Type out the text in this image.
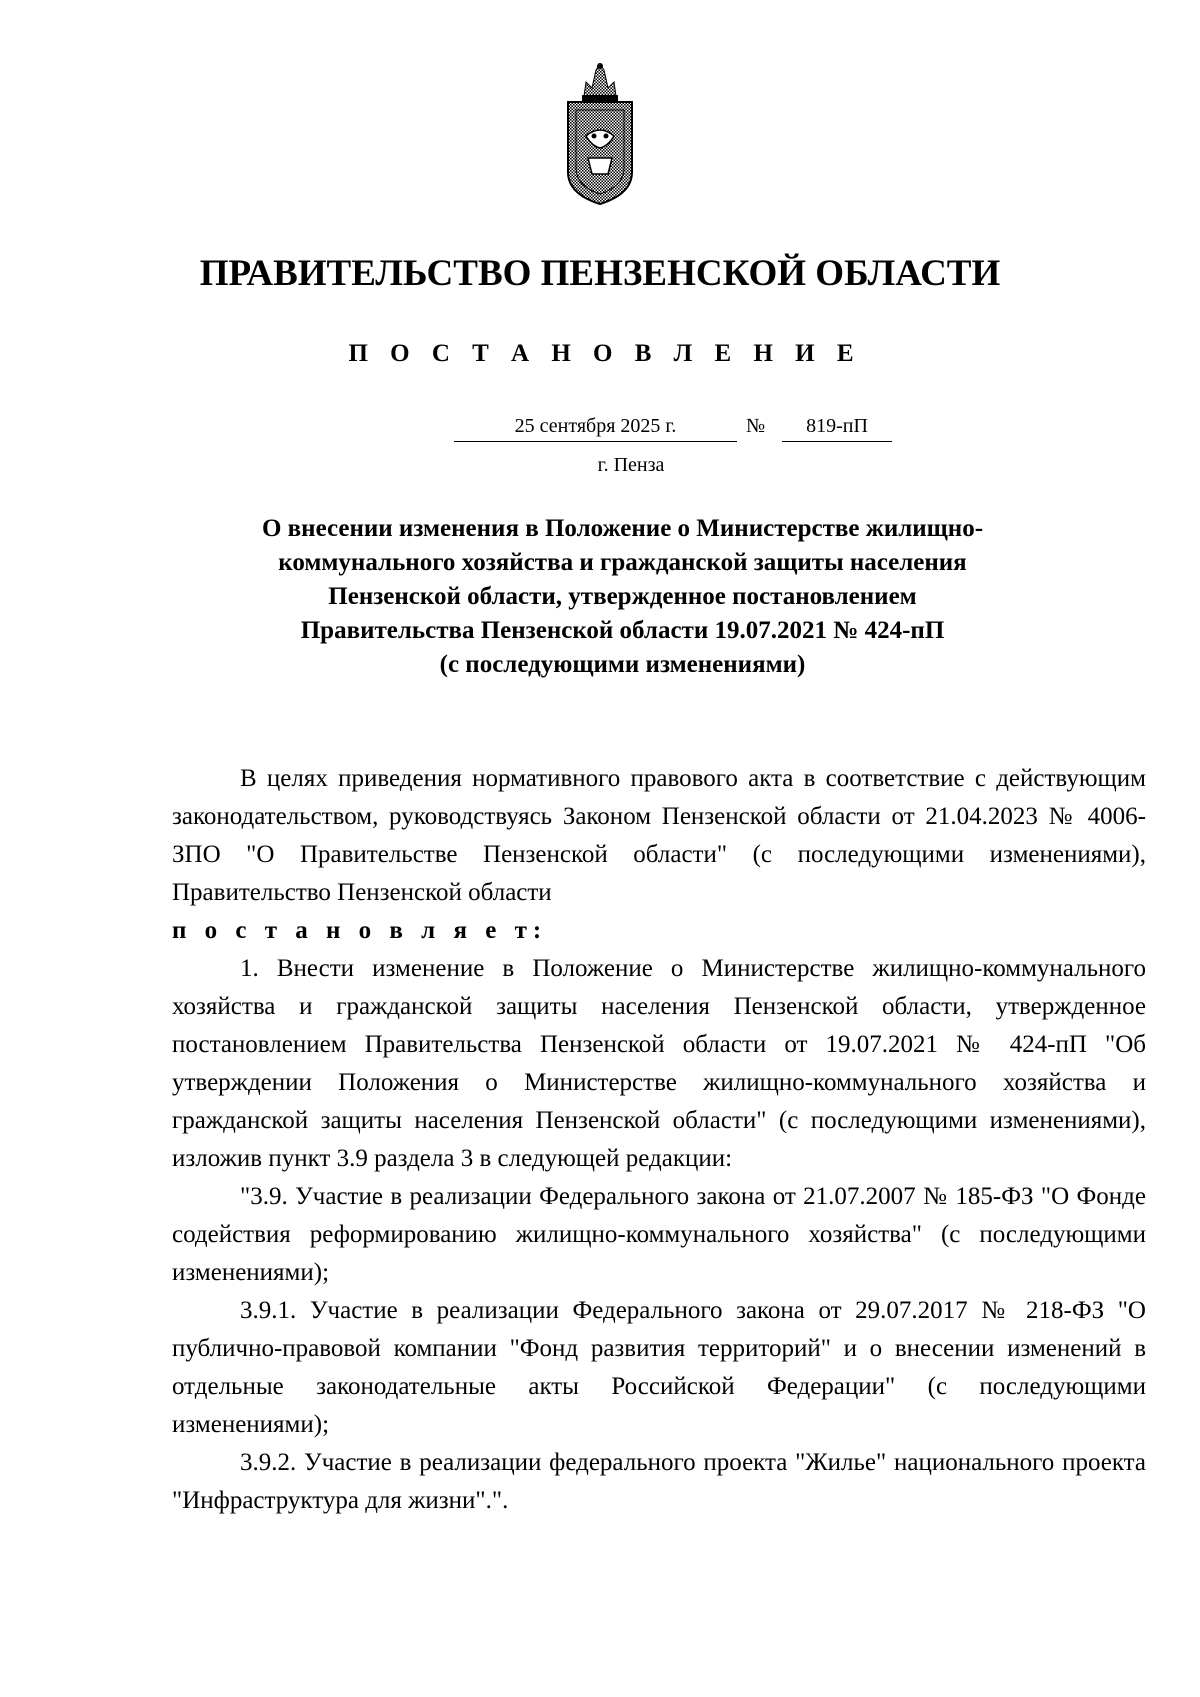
ПРАВИТЕЛЬСТВО ПЕНЗЕНСКОЙ ОБЛАСТИ
П О С Т А Н О В Л Е Н И Е
25 сентября 2025 г.	№	819-пП
г. Пенза
О внесении изменения в Положение о Министерстве жилищно-
коммунального хозяйства и гражданской защиты населения
Пензенской области, утвержденное постановлением
Правительства Пензенской области 19.07.2021 № 424-пП
(с последующими изменениями)

В целях приведения нормативного правового акта в соответствие с действующим законодательством, руководствуясь Законом Пензенской области от 21.04.2023 № 4006-ЗПО "О Правительстве Пензенской области" (с последующими изменениями), Правительство Пензенской области
п о с т а н о в л я е т:

1. Внести изменение в Положение о Министерстве жилищно-коммунального хозяйства и гражданской защиты населения Пензенской области, утвержденное постановлением Правительства Пензенской области от 19.07.2021 № 424-пП "Об утверждении Положения о Министерстве жилищно-коммунального хозяйства и гражданской защиты населения Пензенской области" (с последующими изменениями), изложив пункт 3.9 раздела 3 в следующей редакции:

"3.9. Участие в реализации Федерального закона от 21.07.2007 № 185-ФЗ "О Фонде содействия реформированию жилищно-коммунального хозяйства" (с последующими изменениями);

3.9.1. Участие в реализации Федерального закона от 29.07.2017 № 218-ФЗ "О публично-правовой компании "Фонд развития территорий" и о внесении изменений в отдельные законодательные акты Российской Федерации" (с последующими изменениями);

3.9.2. Участие в реализации федерального проекта "Жилье" национального проекта "Инфраструктура для жизни".".
